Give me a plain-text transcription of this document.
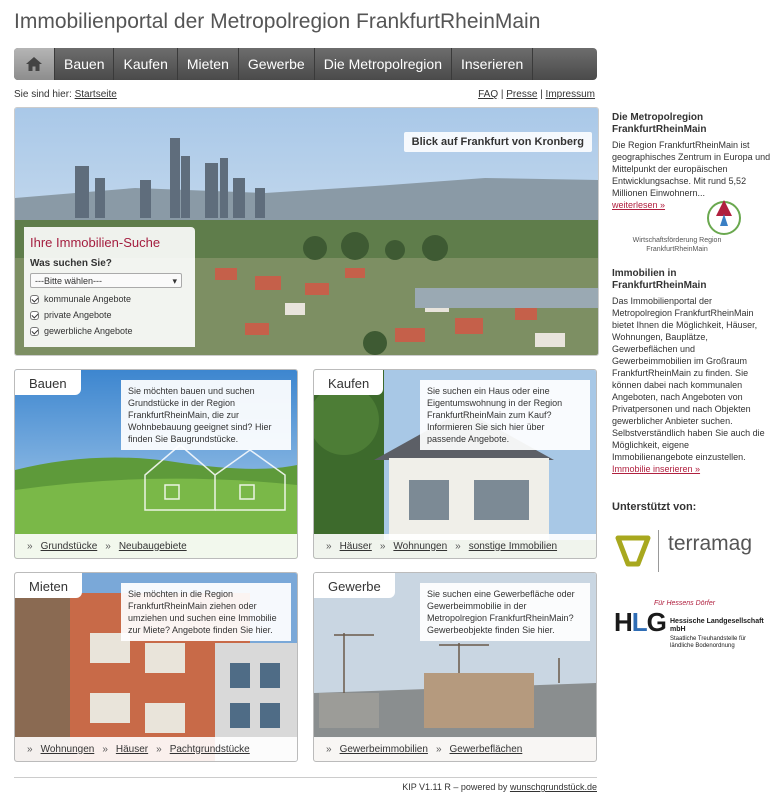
Immobilienportal der Metropolregion FrankfurtRheinMain
Bauen	Kaufen	Mieten	Gewerbe	Die Metropolregion	Inserieren
Sie sind hier: Startseite	FAQ | Presse | Impressum
Blick auf Frankfurt von Kronberg
Ihre Immobilien-Suche
Was suchen Sie?
---Bitte wählen--- ▾
kommunale Angebote
private Angebote
gewerbliche Angebote
Bauen	Sie möchten bauen und suchen Grundstücke in der Region FrankfurtRheinMain, die zur Wohnbebauung geeignet sind? Hier finden Sie Baugrundstücke.
» Grundstücke » Neubaugebiete
Kaufen	Sie suchen ein Haus oder eine Eigentumswohnung in der Region FrankfurtRheinMain zum Kauf? Informieren Sie sich hier über passende Angebote.
» Häuser » Wohnungen » sonstige Immobilien
Mieten	Sie möchten in die Region FrankfurtRheinMain ziehen oder umziehen und suchen eine Immobilie zur Miete? Angebote finden Sie hier.
» Wohnungen » Häuser » Pachtgrundstücke
Gewerbe	Sie suchen eine Gewerbefläche oder Gewerbeimmobilie in der Metropolregion FrankfurtRheinMain? Gewerbeobjekte finden Sie hier.
» Gewerbeimmobilien » Gewerbeflächen
Die Metropolregion FrankfurtRheinMain
Die Region FrankfurtRheinMain ist geographisches Zentrum in Europa und Mittelpunkt der europäischen Entwicklungsachse. Mit rund 5,52 Millionen Einwohnern...
weiterlesen »
Wirtschaftsförderung Region FrankfurtRheinMain
Immobilien in FrankfurtRheinMain
Das Immobilienportal der Metropolregion FrankfurtRheinMain bietet Ihnen die Möglichkeit, Häuser, Wohnungen, Bauplätze, Gewerbeflächen und Gewerbeimmobilien im Großraum FrankfurtRheinMain zu finden. Sie können dabei nach kommunalen Angeboten, nach Angeboten von Privatpersonen und nach Objekten gewerblicher Anbieter suchen. Selbstverständlich haben Sie auch die Möglichkeit, eigene Immobilienangebote einzustellen.
Immobilie inserieren »
Unterstützt von:
terramag
Für Hessens Dörfer
HLG Hessische Landgesellschaft mbH
Staatliche Treuhandstelle für ländliche Bodenordnung
KIP V1.11 R – powered by wunschgrundstück.de
